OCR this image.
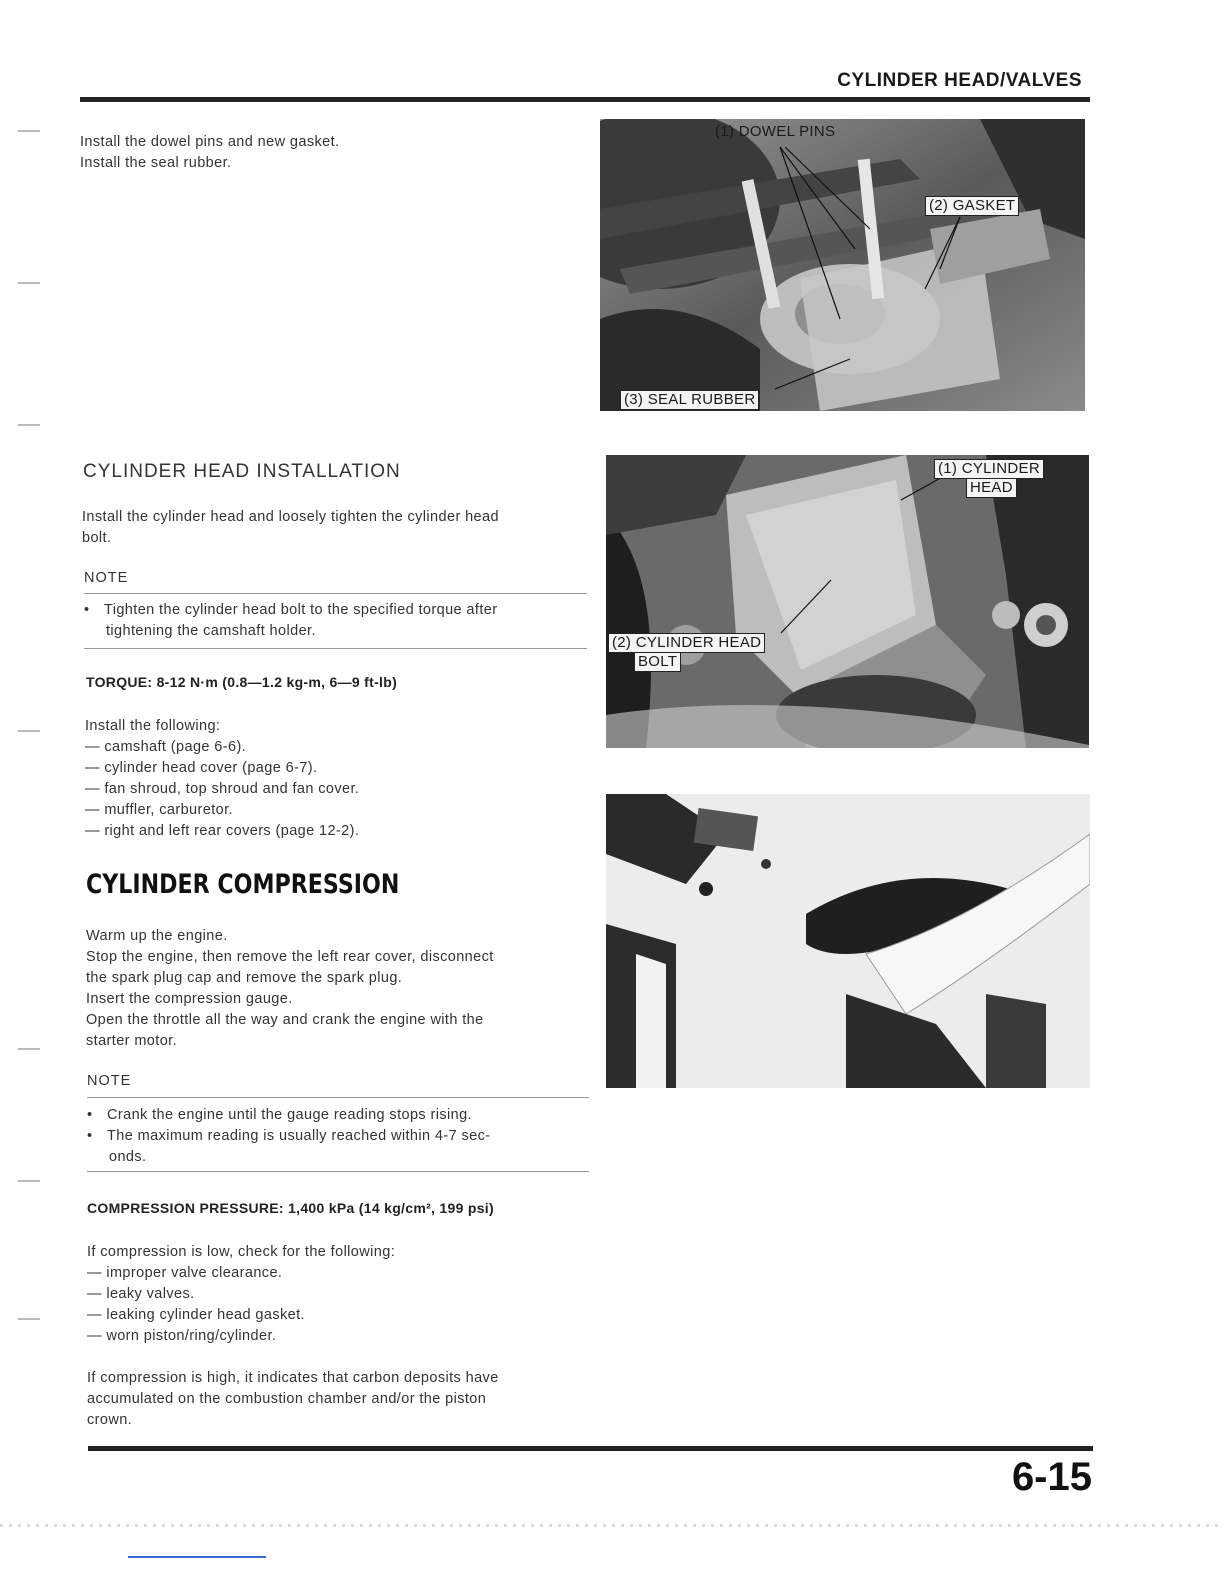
CYLINDER HEAD/VALVES
Install the dowel pins and new gasket.
Install the seal rubber.
(1) DOWEL PINS
(2) GASKET
(3) SEAL RUBBER
CYLINDER HEAD INSTALLATION
Install the cylinder head and loosely tighten the cylinder head
bolt.
NOTE
• Tighten the cylinder head bolt to the specified torque after
tightening the camshaft holder.
TORQUE: 8-12 N·m (0.8—1.2 kg-m, 6—9 ft-lb)
Install the following:
— camshaft (page 6-6).
— cylinder head cover (page 6-7).
— fan shroud, top shroud and fan cover.
— muffler, carburetor.
— right and left rear covers (page 12-2).
(1) CYLINDER
HEAD
(2) CYLINDER HEAD
BOLT
CYLINDER COMPRESSION
Warm up the engine.
Stop the engine, then remove the left rear cover, disconnect
the spark plug cap and remove the spark plug.
Insert the compression gauge.
Open the throttle all the way and crank the engine with the
starter motor.
NOTE
• Crank the engine until the gauge reading stops rising.
• The maximum reading is usually reached within 4-7 sec-
onds.
COMPRESSION PRESSURE: 1,400 kPa (14 kg/cm², 199 psi)
If compression is low, check for the following:
— improper valve clearance.
— leaky valves.
— leaking cylinder head gasket.
— worn piston/ring/cylinder.
If compression is high, it indicates that carbon deposits have
accumulated on the combustion chamber and/or the piston
crown.
6-15
